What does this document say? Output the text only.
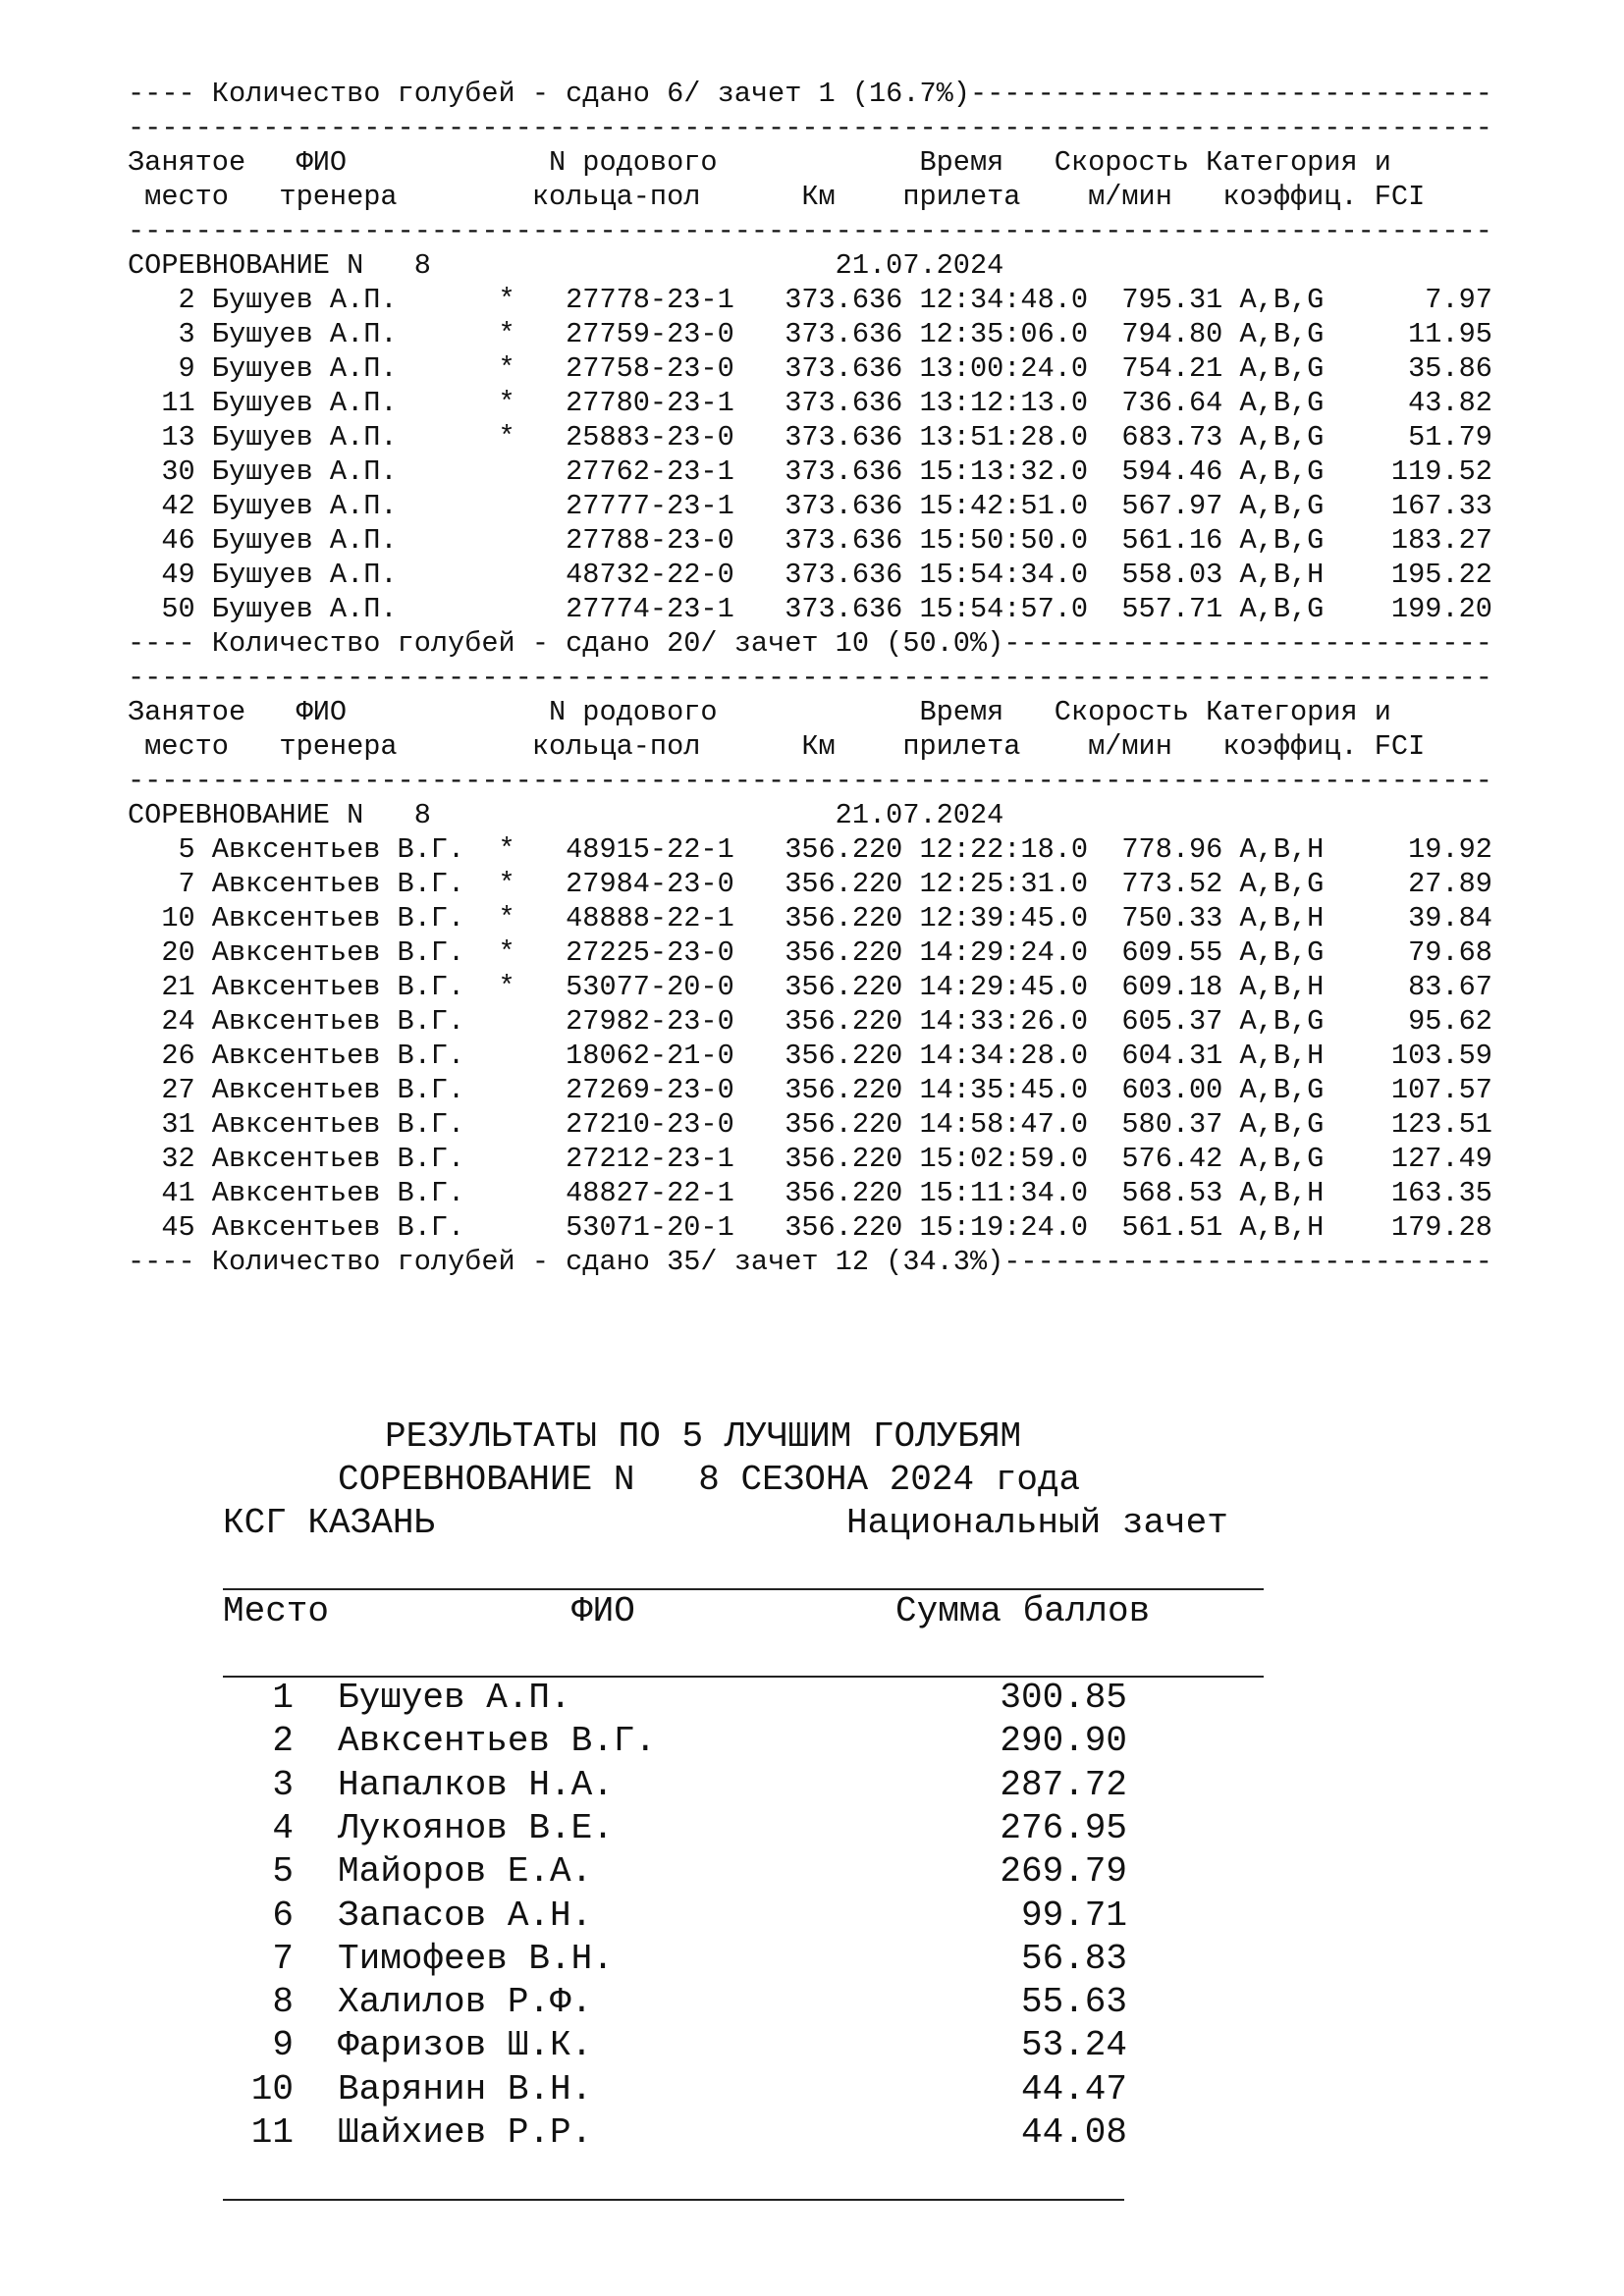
---- Количество голубей - сдано 6/ зачет 1 (16.7%)-------------------------------
---------------------------------------------------------------------------------
Занятое   ФИО            N родового            Время   Скорость Категория и
место   тренера        кольца-пол      Км    прилета    м/мин   коэффиц. FCI
---------------------------------------------------------------------------------
СОРЕВНОВАНИЕ N   8                        21.07.2024
2 Бушуев А.П.      *   27778-23-1   373.636 12:34:48.0  795.31 A,B,G      7.97
3 Бушуев А.П.      *   27759-23-0   373.636 12:35:06.0  794.80 A,B,G     11.95
9 Бушуев А.П.      *   27758-23-0   373.636 13:00:24.0  754.21 A,B,G     35.86
11 Бушуев А.П.      *   27780-23-1   373.636 13:12:13.0  736.64 A,B,G     43.82
13 Бушуев А.П.      *   25883-23-0   373.636 13:51:28.0  683.73 A,B,G     51.79
30 Бушуев А.П.          27762-23-1   373.636 15:13:32.0  594.46 A,B,G    119.52
42 Бушуев А.П.          27777-23-1   373.636 15:42:51.0  567.97 A,B,G    167.33
46 Бушуев А.П.          27788-23-0   373.636 15:50:50.0  561.16 A,B,G    183.27
49 Бушуев А.П.          48732-22-0   373.636 15:54:34.0  558.03 A,B,H    195.22
50 Бушуев А.П.          27774-23-1   373.636 15:54:57.0  557.71 A,B,G    199.20
---- Количество голубей - сдано 20/ зачет 10 (50.0%)-----------------------------
---------------------------------------------------------------------------------
Занятое   ФИО            N родового            Время   Скорость Категория и
место   тренера        кольца-пол      Км    прилета    м/мин   коэффиц. FCI
---------------------------------------------------------------------------------
СОРЕВНОВАНИЕ N   8                        21.07.2024
5 Авксентьев В.Г.  *   48915-22-1   356.220 12:22:18.0  778.96 A,B,H     19.92
7 Авксентьев В.Г.  *   27984-23-0   356.220 12:25:31.0  773.52 A,B,G     27.89
10 Авксентьев В.Г.  *   48888-22-1   356.220 12:39:45.0  750.33 A,B,H     39.84
20 Авксентьев В.Г.  *   27225-23-0   356.220 14:29:24.0  609.55 A,B,G     79.68
21 Авксентьев В.Г.  *   53077-20-0   356.220 14:29:45.0  609.18 A,B,H     83.67
24 Авксентьев В.Г.      27982-23-0   356.220 14:33:26.0  605.37 A,B,G     95.62
26 Авксентьев В.Г.      18062-21-0   356.220 14:34:28.0  604.31 A,B,H    103.59
27 Авксентьев В.Г.      27269-23-0   356.220 14:35:45.0  603.00 A,B,G    107.57
31 Авксентьев В.Г.      27210-23-0   356.220 14:58:47.0  580.37 A,B,G    123.51
32 Авксентьев В.Г.      27212-23-1   356.220 15:02:59.0  576.42 A,B,G    127.49
41 Авксентьев В.Г.      48827-22-1   356.220 15:11:34.0  568.53 A,B,H    163.35
45 Авксентьев В.Г.      53071-20-1   356.220 15:19:24.0  561.51 A,B,H    179.28
---- Количество голубей - сдано 35/ зачет 12 (34.3%)-----------------------------
РЕЗУЛЬТАТЫ ПО 5 ЛУЧШИМ ГОЛУБЯМ
СОРЕВНОВАНИЕ N   8 СЕЗОНА 2024 года
КСГ КАЗАНЬ	Национальный зачет
Место	ФИО	Сумма баллов
1 Бушуев А.П.	300.85
2 Авксентьев В.Г.	290.90
3 Напалков Н.А.	287.72
4 Лукоянов В.Е.	276.95
5 Майоров Е.А.	269.79
6 Запасов А.Н.	99.71
7 Тимофеев В.Н.	56.83
8 Халилов Р.Ф.	55.63
9 Фаризов Ш.К.	53.24
10 Варянин В.Н.	44.47
11 Шайхиев Р.Р.	44.08
